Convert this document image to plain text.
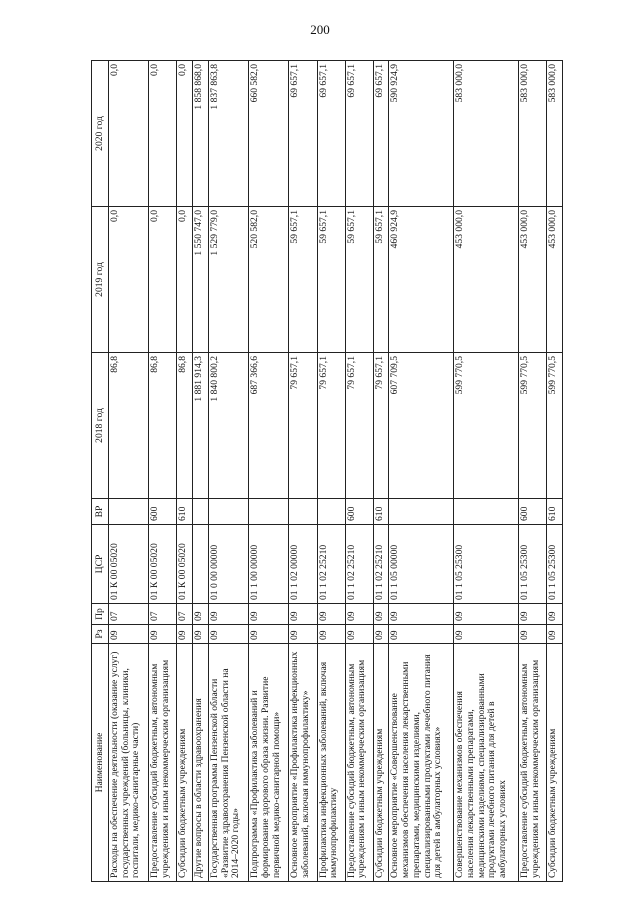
200
Наименование	Рз	Пр	ЦСР	ВР	2018 год	2019 год	2020 год
Расходы на обеспечение деятельности (оказание услуг) государственных учреждений (больницы, клиники, госпитали, медико-санитарные части)	09	07	01 К 00 05020		86,8	0,0	0,0
Предоставление субсидий бюджетным, автономным учреждениям и иным некоммерческим организациям	09	07	01 К 00 05020	600	86,8	0,0	0,0
Субсидии бюджетным учреждениям	09	07	01 К 00 05020	610	86,8	0,0	0,0
Другие вопросы в области здравоохранения	09	09			1 881 914,3	1 550 747,0	1 858 868,0
Государственная программа Пензенской области «Развитие здравоохранения Пензенской области на 2014–2020 годы»	09	09	01 0 00 00000		1 840 800,2	1 529 779,0	1 837 863,8
Подпрограмма «Профилактика заболеваний и формирование здорового образа жизни. Развитие первичной медико-санитарной помощи»	09	09	01 1 00 00000		687 366,6	520 582,0	660 582,0
Основное мероприятие «Профилактика инфекционных заболеваний, включая иммунопрофилактику»	09	09	01 1 02 00000		79 657,1	59 657,1	69 657,1
Профилактика инфекционных заболеваний, включая иммунопрофилактику	09	09	01 1 02 25210		79 657,1	59 657,1	69 657,1
Предоставление субсидий бюджетным, автономным учреждениям и иным некоммерческим организациям	09	09	01 1 02 25210	600	79 657,1	59 657,1	69 657,1
Субсидии бюджетным учреждениям	09	09	01 1 02 25210	610	79 657,1	59 657,1	69 657,1
Основное мероприятие «Совершенствование механизмов обеспечения населения лекарственными препаратами, медицинскими изделиями, специализированными продуктами лечебного питания для детей в амбулаторных условиях»	09	09	01 1 05 00000		607 709,5	460 924,9	590 924,9
Совершенствование механизмов обеспечения населения лекарственными препаратами, медицинскими изделиями, специализированными продуктами лечебного питания для детей в амбулаторных условиях	09	09	01 1 05 25300		599 770,5	453 000,0	583 000,0
Предоставление субсидий бюджетным, автономным учреждениям и иным некоммерческим организациям	09	09	01 1 05 25300	600	599 770,5	453 000,0	583 000,0
Субсидии бюджетным учреждениям	09	09	01 1 05 25300	610	599 770,5	453 000,0	583 000,0
